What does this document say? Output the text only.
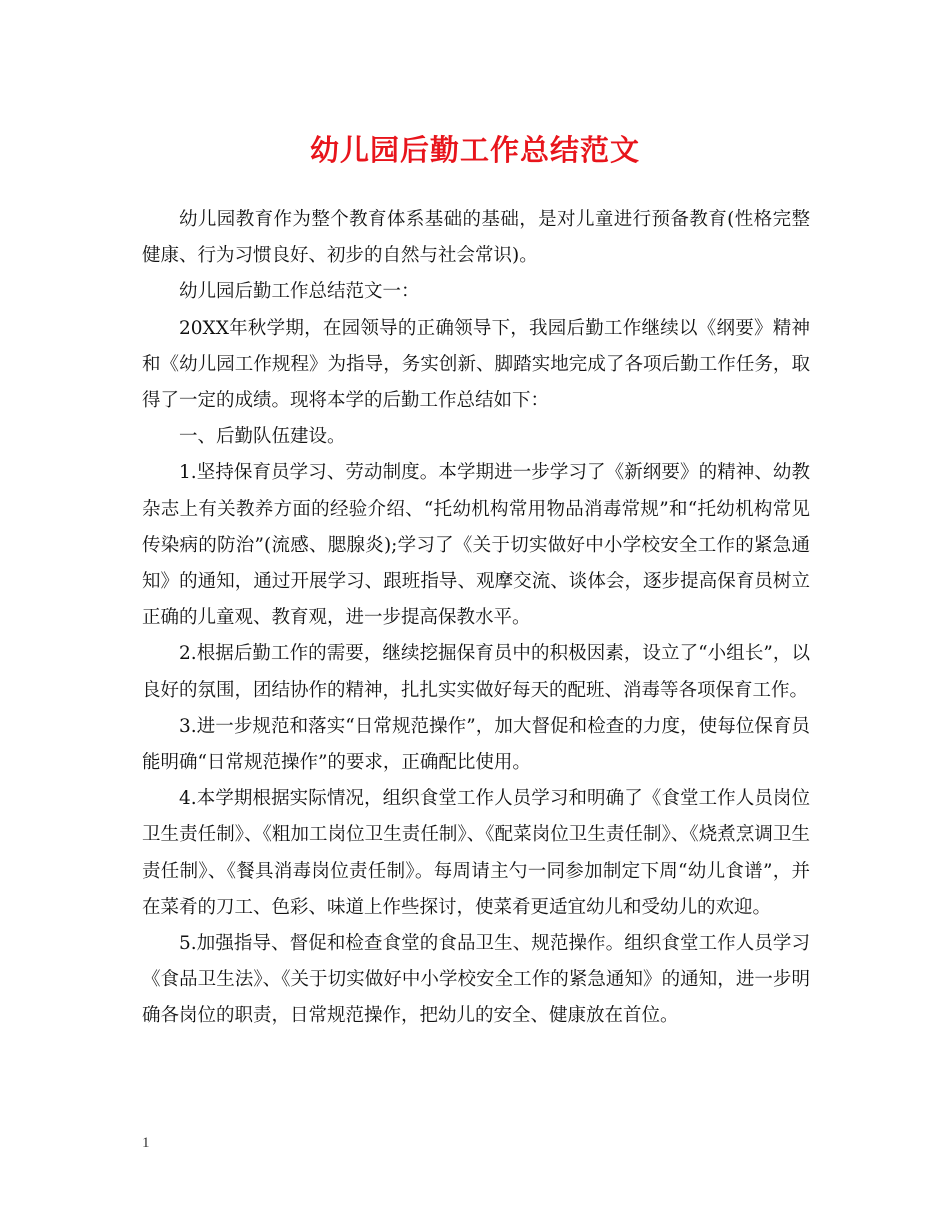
幼儿园后勤工作总结范文

幼儿园教育作为整个教育体系基础的基础，是对儿童进行预备教育(性格完整健康、行为习惯良好、初步的自然与社会常识)。

幼儿园后勤工作总结范文一：

20XX年秋学期，在园领导的正确领导下，我园后勤工作继续以《纲要》精神和《幼儿园工作规程》为指导，务实创新、脚踏实地完成了各项后勤工作任务，取得了一定的成绩。现将本学的后勤工作总结如下：

一、后勤队伍建设。

1.坚持保育员学习、劳动制度。本学期进一步学习了《新纲要》的精神、幼教杂志上有关教养方面的经验介绍、“托幼机构常用物品消毒常规”和“托幼机构常见传染病的防治”(流感、腮腺炎);学习了《关于切实做好中小学校安全工作的紧急通知》的通知，通过开展学习、跟班指导、观摩交流、谈体会，逐步提高保育员树立正确的儿童观、教育观，进一步提高保教水平。

2.根据后勤工作的需要，继续挖掘保育员中的积极因素，设立了“小组长”，以良好的氛围，团结协作的精神，扎扎实实做好每天的配班、消毒等各项保育工作。

3.进一步规范和落实“日常规范操作”，加大督促和检查的力度，使每位保育员能明确“日常规范操作”的要求，正确配比使用。

4.本学期根据实际情况，组织食堂工作人员学习和明确了《食堂工作人员岗位卫生责任制》、《粗加工岗位卫生责任制》、《配菜岗位卫生责任制》、《烧煮烹调卫生责任制》、《餐具消毒岗位责任制》。每周请主勺一同参加制定下周“幼儿食谱”，并在菜肴的刀工、色彩、味道上作些探讨，使菜肴更适宜幼儿和受幼儿的欢迎。

5.加强指导、督促和检查食堂的食品卫生、规范操作。组织食堂工作人员学习《食品卫生法》、《关于切实做好中小学校安全工作的紧急通知》的通知，进一步明确各岗位的职责，日常规范操作，把幼儿的安全、健康放在首位。

1
